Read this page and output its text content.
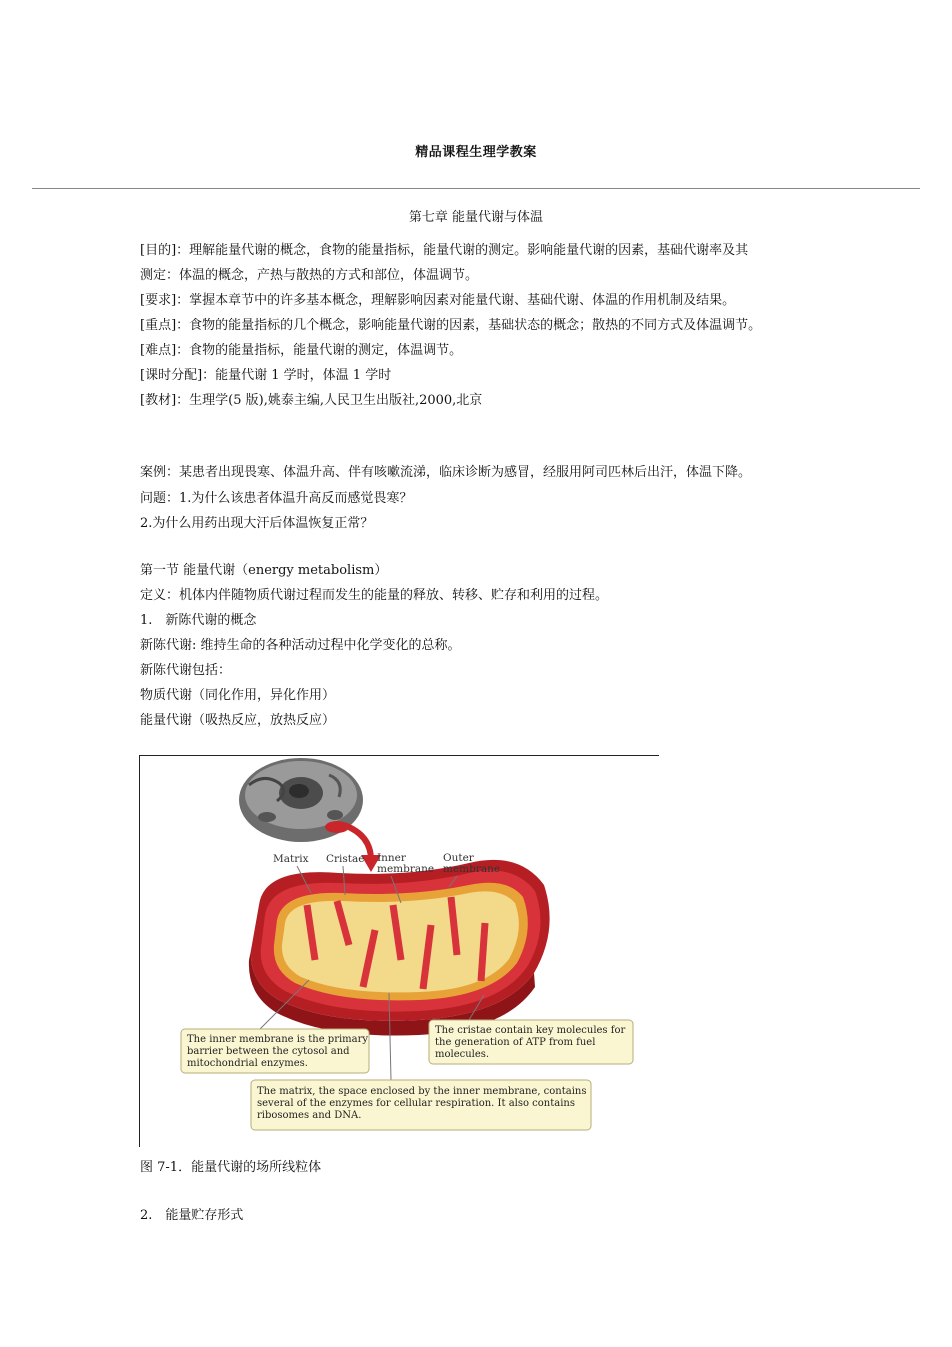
精品课程生理学教案
第七章 能量代谢与体温
[目的]：理解能量代谢的概念，食物的能量指标，能量代谢的测定。影响能量代谢的因素，基础代谢率及其
测定：体温的概念，产热与散热的方式和部位，体温调节。
[要求]：掌握本章节中的许多基本概念，理解影响因素对能量代谢、基础代谢、体温的作用机制及结果。
[重点]：食物的能量指标的几个概念，影响能量代谢的因素，基础状态的概念；散热的不同方式及体温调节。
[难点]：食物的能量指标，能量代谢的测定，体温调节。
[课时分配]：能量代谢 1 学时，体温 1 学时
[教材]：生理学(5 版),姚泰主编,人民卫生出版社,2000,北京
案例：某患者出现畏寒、体温升高、伴有咳嗽流涕，临床诊断为感冒，经服用阿司匹林后出汗，体温下降。
问题：1.为什么该患者体温升高反而感觉畏寒？
2.为什么用药出现大汗后体温恢复正常？
第一节 能量代谢（energy metabolism）
定义：机体内伴随物质代谢过程而发生的能量的释放、转移、贮存和利用的过程。
1.　新陈代谢的概念
新陈代谢: 维持生命的各种活动过程中化学变化的总称。
新陈代谢包括：
物质代谢（同化作用，异化作用）
能量代谢（吸热反应，放热反应）
Matrix Cristae Inner
membrane
Outer
membrane
The inner membrane is the primary
barrier between the cytosol and
mitochondrial enzymes.
The cristae contain key molecules for
the generation of ATP from fuel
molecules.
The matrix, the space enclosed by the inner membrane, contains
several of the enzymes for cellular respiration. It also contains
ribosomes and DNA.
图 7-1．能量代谢的场所线粒体
2.　能量贮存形式
